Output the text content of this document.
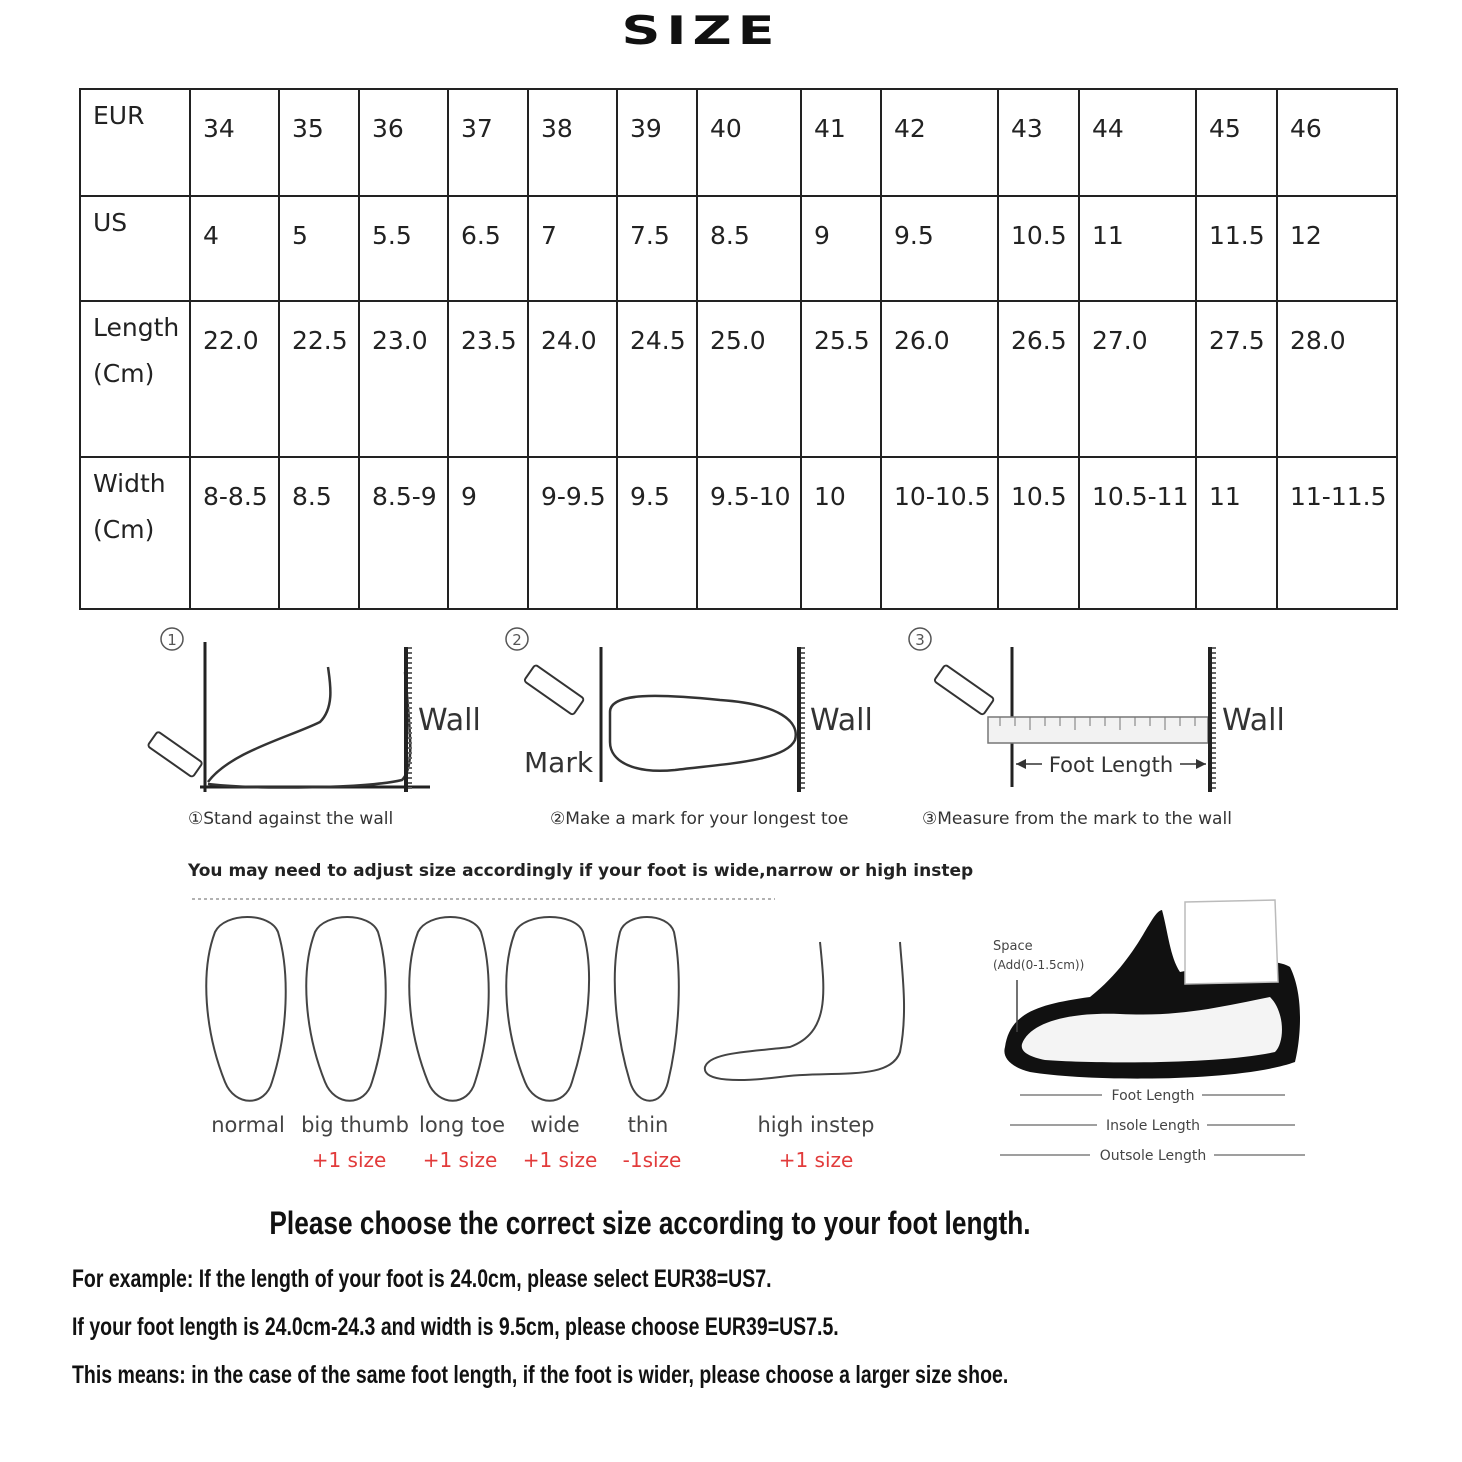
SIZE
EUR	34	35	36	37	38	39	40	41	42	43	44	45	46

US	4	5	5.5	6.5	7	7.5	8.5	9	9.5	10.5	11	11.5	12

Length
(Cm)	22.0	22.5	23.0	23.5	24.0	24.5	25.0	25.5	26.0	26.5	27.0	27.5	28.0

Width
(Cm)	8-8.5	8.5	8.5-9	9	9-9.5	9.5	9.5-10	10	10-10.5	10.5	10.5-11	11	11-11.5
1
Wall
①Stand against the wall
2
Wall
Mark
②Make a mark for your longest toe
3
Wall
Foot Length
③Measure from the mark to the wall
You may need to adjust size accordingly if your foot is wide,narrow or high instep
normal big thumb long toe wide thin	high instep
+1 size +1 size +1 size -1size	+1 size
Space
(Add(0-1.5cm))
Foot Length
Insole Length
Outsole Length
Please choose the correct size according to your foot length.
For example: If the length of your foot is 24.0cm, please select EUR38=US7.
If your foot length is 24.0cm-24.3 and width is 9.5cm, please choose EUR39=US7.5.
This means: in the case of the same foot length, if the foot is wider, please choose a larger size shoe.
